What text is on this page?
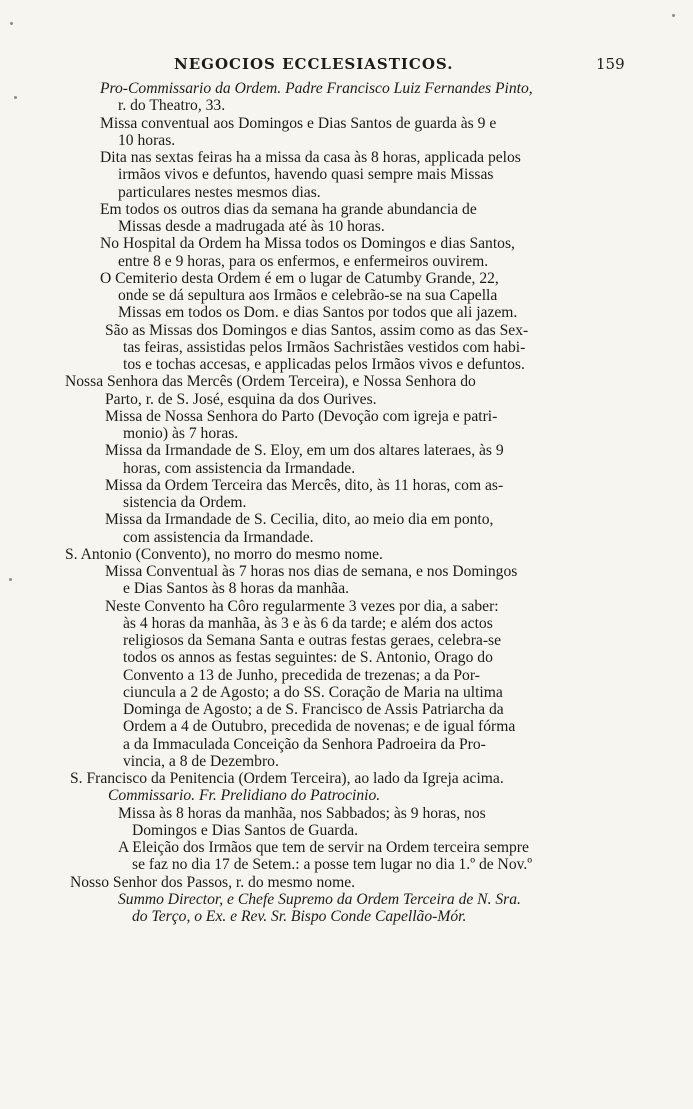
NEGOCIOS ECCLESIASTICOS.	159
Pro-Commissario da Ordem. Padre Francisco Luiz Fernandes Pinto,
r. do Theatro, 33.
Missa conventual aos Domingos e Dias Santos de guarda às 9 e
10 horas.
Dita nas sextas feiras ha a missa da casa às 8 horas, applicada pelos
irmãos vivos e defuntos, havendo quasi sempre mais Missas
particulares nestes mesmos dias.
Em todos os outros dias da semana ha grande abundancia de
Missas desde a madrugada até às 10 horas.
No Hospital da Ordem ha Missa todos os Domingos e dias Santos,
entre 8 e 9 horas, para os enfermos, e enfermeiros ouvirem.
O Cemiterio desta Ordem é em o lugar de Catumby Grande, 22,
onde se dá sepultura aos Irmãos e celebrão-se na sua Capella
Missas em todos os Dom. e dias Santos por todos que ali jazem.
São as Missas dos Domingos e dias Santos, assim como as das Sex-
tas feiras, assistidas pelos Irmãos Sachristães vestidos com habi-
tos e tochas accesas, e applicadas pelos Irmãos vivos e defuntos.
Nossa Senhora das Mercês (Ordem Terceira), e Nossa Senhora do
Parto, r. de S. José, esquina da dos Ourives.
Missa de Nossa Senhora do Parto (Devoção com igreja e patri-
monio) às 7 horas.
Missa da Irmandade de S. Eloy, em um dos altares lateraes, às 9
horas, com assistencia da Irmandade.
Missa da Ordem Terceira das Mercês, dito, às 11 horas, com as-
sistencia da Ordem.
Missa da Irmandade de S. Cecilia, dito, ao meio dia em ponto,
com assistencia da Irmandade.
S. Antonio (Convento), no morro do mesmo nome.
Missa Conventual às 7 horas nos dias de semana, e nos Domingos
e Dias Santos às 8 horas da manhãa.
Neste Convento ha Côro regularmente 3 vezes por dia, a saber:
às 4 horas da manhãa, às 3 e às 6 da tarde; e além dos actos
religiosos da Semana Santa e outras festas geraes, celebra-se
todos os annos as festas seguintes: de S. Antonio, Orago do
Convento a 13 de Junho, precedida de trezenas; a da Por-
ciuncula a 2 de Agosto; a do SS. Coração de Maria na ultima
Dominga de Agosto; a de S. Francisco de Assis Patriarcha da
Ordem a 4 de Outubro, precedida de novenas; e de igual fórma
a da Immaculada Conceição da Senhora Padroeira da Pro-
vincia, a 8 de Dezembro.
S. Francisco da Penitencia (Ordem Terceira), ao lado da Igreja acima.
Commissario. Fr. Prelidiano do Patrocinio.
Missa às 8 horas da manhãa, nos Sabbados; às 9 horas, nos
Domingos e Dias Santos de Guarda.
A Eleição dos Irmãos que tem de servir na Ordem terceira sempre
se faz no dia 17 de Setem.: a posse tem lugar no dia 1.º de Nov.º
Nosso Senhor dos Passos, r. do mesmo nome.
Summo Director, e Chefe Supremo da Ordem Terceira de N. Sra.
do Terço, o Ex. e Rev. Sr. Bispo Conde Capellão-Mór.
